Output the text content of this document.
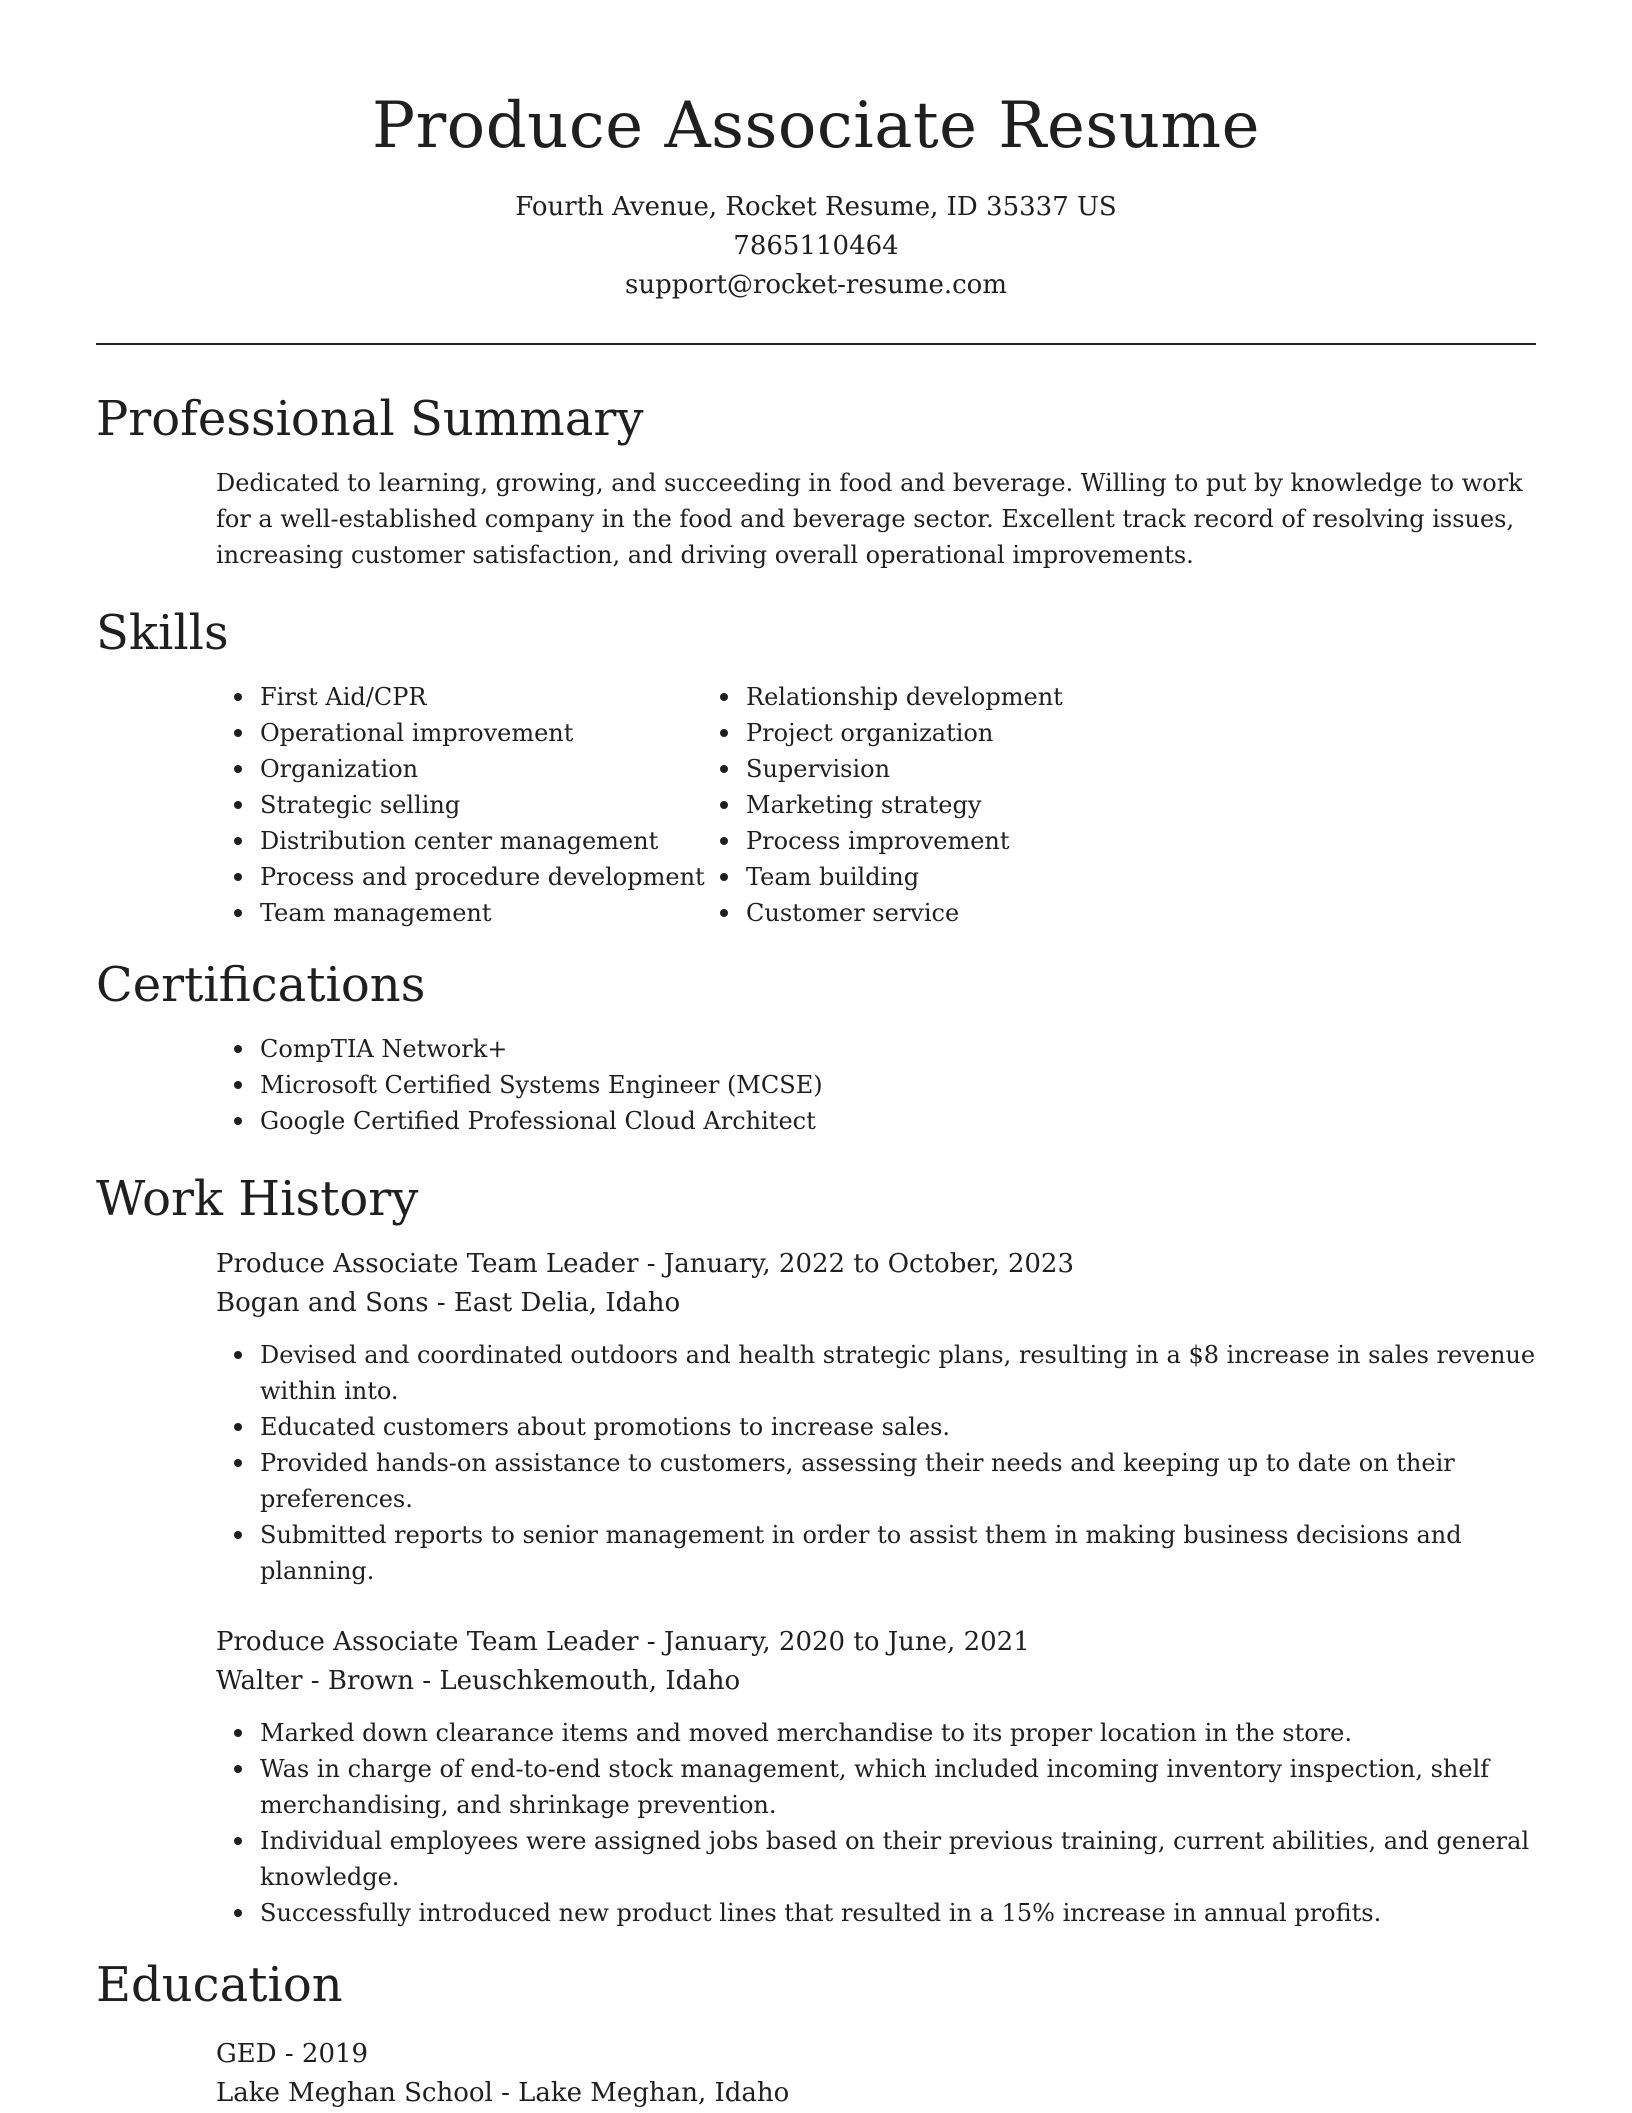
Produce Associate Resume
Fourth Avenue, Rocket Resume, ID 35337 US
7865110464
support@rocket-resume.com
Professional Summary

Dedicated to learning, growing, and succeeding in food and beverage. Willing to put by knowledge to work for a well-established company in the food and beverage sector. Excellent track record of resolving issues, increasing customer satisfaction, and driving overall operational improvements.

Skills
First Aid/CPR
Operational improvement
Organization
Strategic selling
Distribution center management
Process and procedure development
Team management
Relationship development
Project organization
Supervision
Marketing strategy
Process improvement
Team building
Customer service
Certifications
CompTIA Network+
Microsoft Certified Systems Engineer (MCSE)
Google Certified Professional Cloud Architect
Work History
Produce Associate Team Leader - January, 2022 to October, 2023
Bogan and Sons - East Delia, Idaho
Devised and coordinated outdoors and health strategic plans, resulting in a $8 increase in sales revenue within into.
Educated customers about promotions to increase sales.
Provided hands-on assistance to customers, assessing their needs and keeping up to date on their preferences.
Submitted reports to senior management in order to assist them in making business decisions and planning.
Produce Associate Team Leader - January, 2020 to June, 2021
Walter - Brown - Leuschkemouth, Idaho
Marked down clearance items and moved merchandise to its proper location in the store.
Was in charge of end-to-end stock management, which included incoming inventory inspection, shelf merchandising, and shrinkage prevention.
Individual employees were assigned jobs based on their previous training, current abilities, and general knowledge.
Successfully introduced new product lines that resulted in a 15% increase in annual profits.
Education
GED - 2019
Lake Meghan School - Lake Meghan, Idaho
